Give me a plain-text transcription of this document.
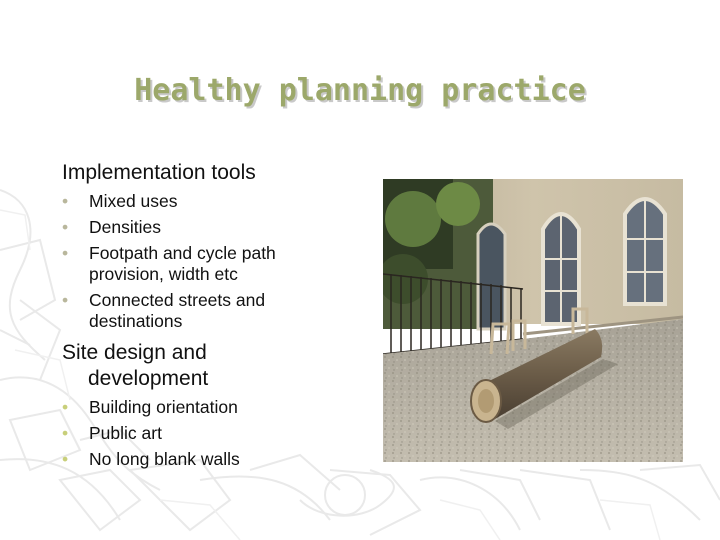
Healthy planning practice
Implementation tools
•	Mixed uses
•	Densities
•	Footpath and cycle path provision, width etc
•	Connected streets and destinations
Site design and
development
•	Building orientation
•	Public art
•	No long blank walls
